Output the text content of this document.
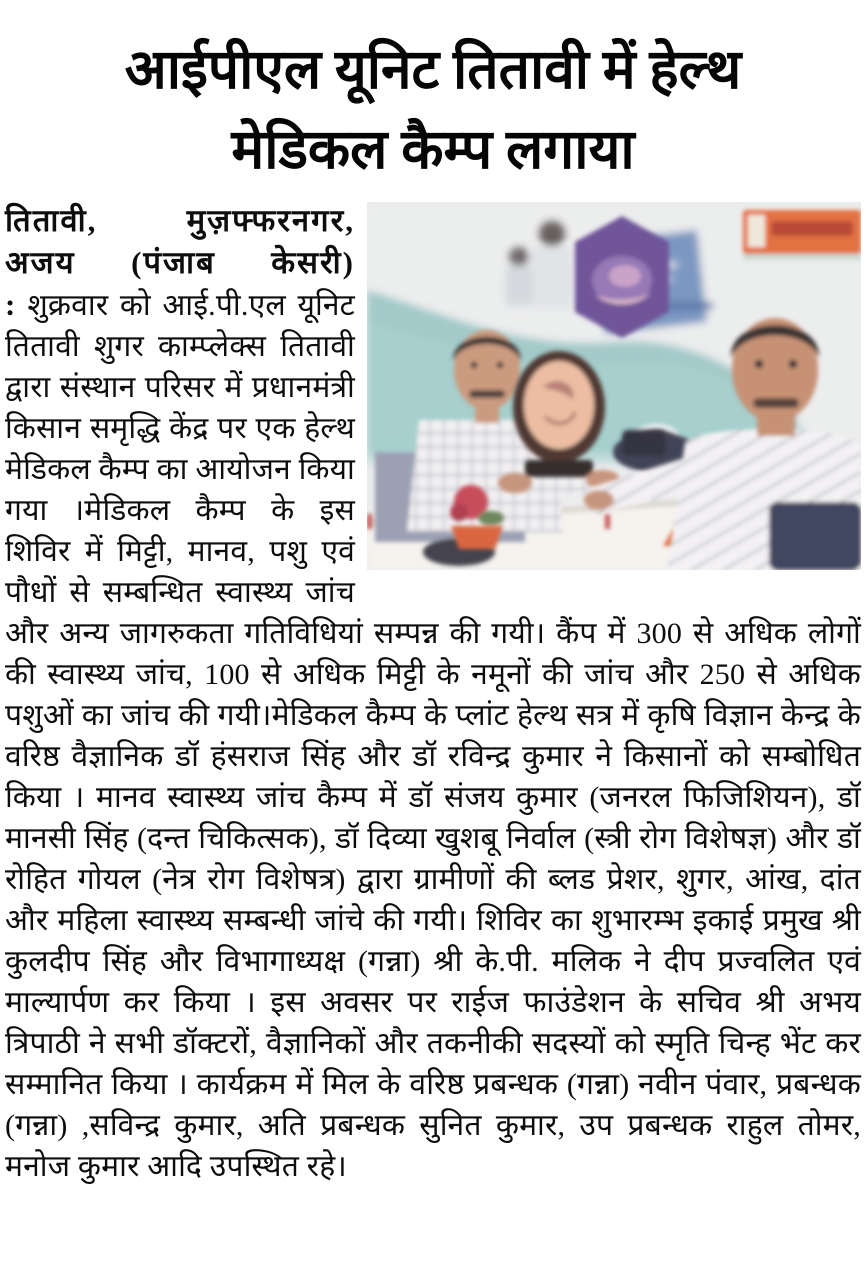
आईपीएल यूनिट तितावी में हेल्थ
मेडिकल कैम्प लगाया
तितावी, मुज़फ्फरनगर, अजय (पंजाब केसरी) : शुक्रवार को आई.पी.एल यूनिट तितावी शुगर काम्प्लेक्स तितावी द्वारा संस्थान परिसर में प्रधानमंत्री किसान समृद्धि केंद्र पर एक हेल्थ मेडिकल कैम्प का आयोजन किया गया ।मेडिकल कैम्प के इस शिविर में मिट्टी, मानव, पशु एवं पौधों से सम्बन्धित स्वास्थ्य जांच और अन्य जागरुकता गतिविधियां सम्पन्न की गयी। कैंप में 300 से अधिक लोगों की स्वास्थ्य जांच, 100 से अधिक मिट्टी के नमूनों की जांच और 250 से अधिक पशुओं का जांच की गयी।मेडिकल कैम्प के प्लांट हेल्थ सत्र में कृषि विज्ञान केन्द्र के वरिष्ठ वैज्ञानिक डॉ हंसराज सिंह और डॉ रविन्द्र कुमार ने किसानों को सम्बोधित किया । मानव स्वास्थ्य जांच कैम्प में डॉ संजय कुमार (जनरल फिजिशियन), डॉ मानसी सिंह (दन्त चिकित्सक), डॉ दिव्या खुशबू निर्वाल (स्त्री रोग विशेषज्ञ) और डॉ रोहित गोयल (नेत्र रोग विशेषत्र) द्वारा ग्रामीणों की ब्लड प्रेशर, शुगर, आंख, दांत और महिला स्वास्थ्य सम्बन्धी जांचे की गयी। शिविर का शुभारम्भ इकाई प्रमुख श्री कुलदीप सिंह और विभागाध्यक्ष (गन्ना) श्री के.पी. मलिक ने दीप प्रज्वलित एवं माल्यार्पण कर किया । इस अवसर पर राईज फाउंडेशन के सचिव श्री अभय त्रिपाठी ने सभी डॉक्टरों, वैज्ञानिकों और तकनीकी सदस्यों को स्मृति चिन्ह भेंट कर सम्मानित किया । कार्यक्रम में मिल के वरिष्ठ प्रबन्धक (गन्ना) नवीन पंवार, प्रबन्धक (गन्ना) ,सविन्द्र कुमार, अति प्रबन्धक सुनित कुमार, उप प्रबन्धक राहुल तोमर, मनोज कुमार आदि उपस्थित रहे।
